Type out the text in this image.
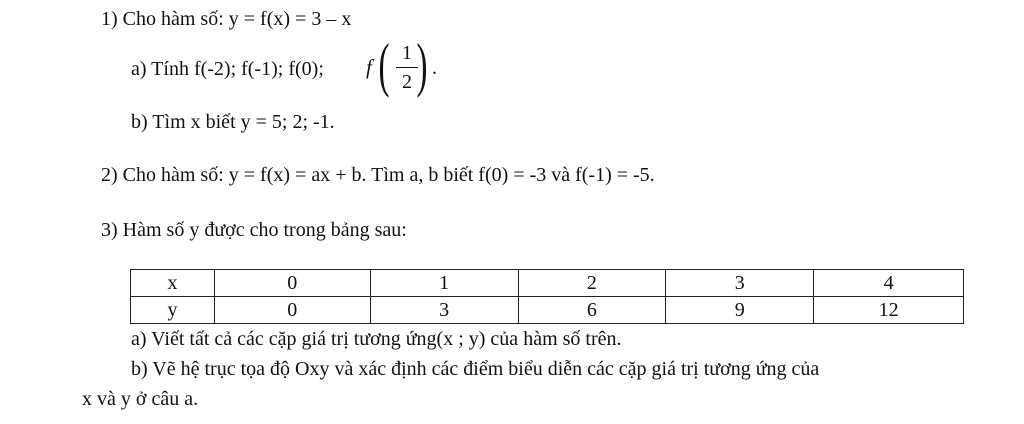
1) Cho hàm số: y = f(x) = 3 – x
a) Tính f(-2); f(-1); f(0); f ( 1
2 ) .
b) Tìm x biết y = 5; 2; -1.
2) Cho hàm số: y = f(x) = ax + b. Tìm a, b biết f(0) = -3 và f(-1) = -5.
3) Hàm số y được cho trong bảng sau:
x	0	1	2	3	4
y	0	3	6	9	12
a) Viết tất cả các cặp giá trị tương ứng(x ; y) của hàm số trên.
b) Vẽ hệ trục tọa độ Oxy và xác định các điểm biểu diễn các cặp giá trị tương ứng của
x và y ở câu a.
